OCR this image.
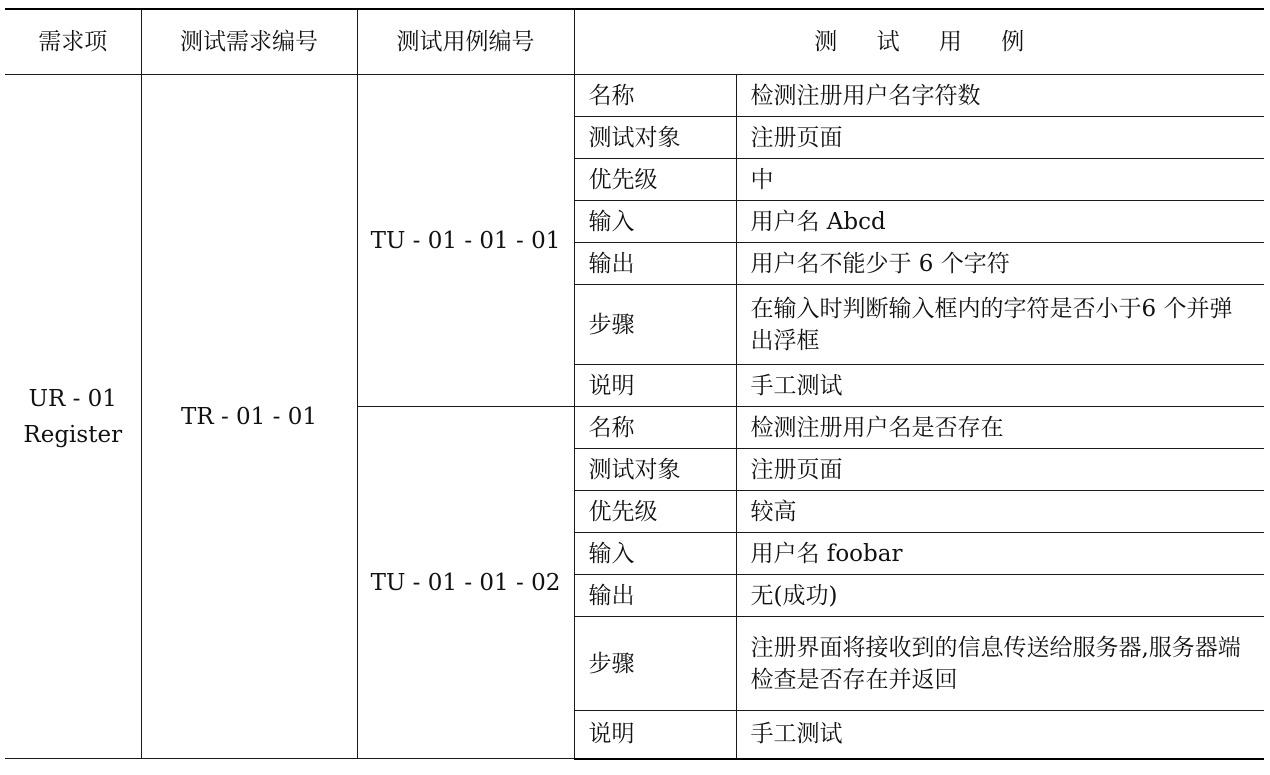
需求项	测试需求编号	测试用例编号	测 试 用 例	

UR - 01
Register	TR - 01 - 01	TU - 01 - 01 - 01	名称	检测注册用户名字符数
			测试对象	注册页面
			优先级	中
			输入	用户名 Abcd
			输出	用户名不能少于 6 个字符
			步骤	在输入时判断输入框内的字符是否小于6 个并弹出浮框
			说明	手工测试
		TU - 01 - 01 - 02	名称	检测注册用户名是否存在
			测试对象	注册页面
			优先级	较高
			输入	用户名 foobar
			输出	无(成功)
			步骤	注册界面将接收到的信息传送给服务器,服务器端检查是否存在并返回
			说明	手工测试
